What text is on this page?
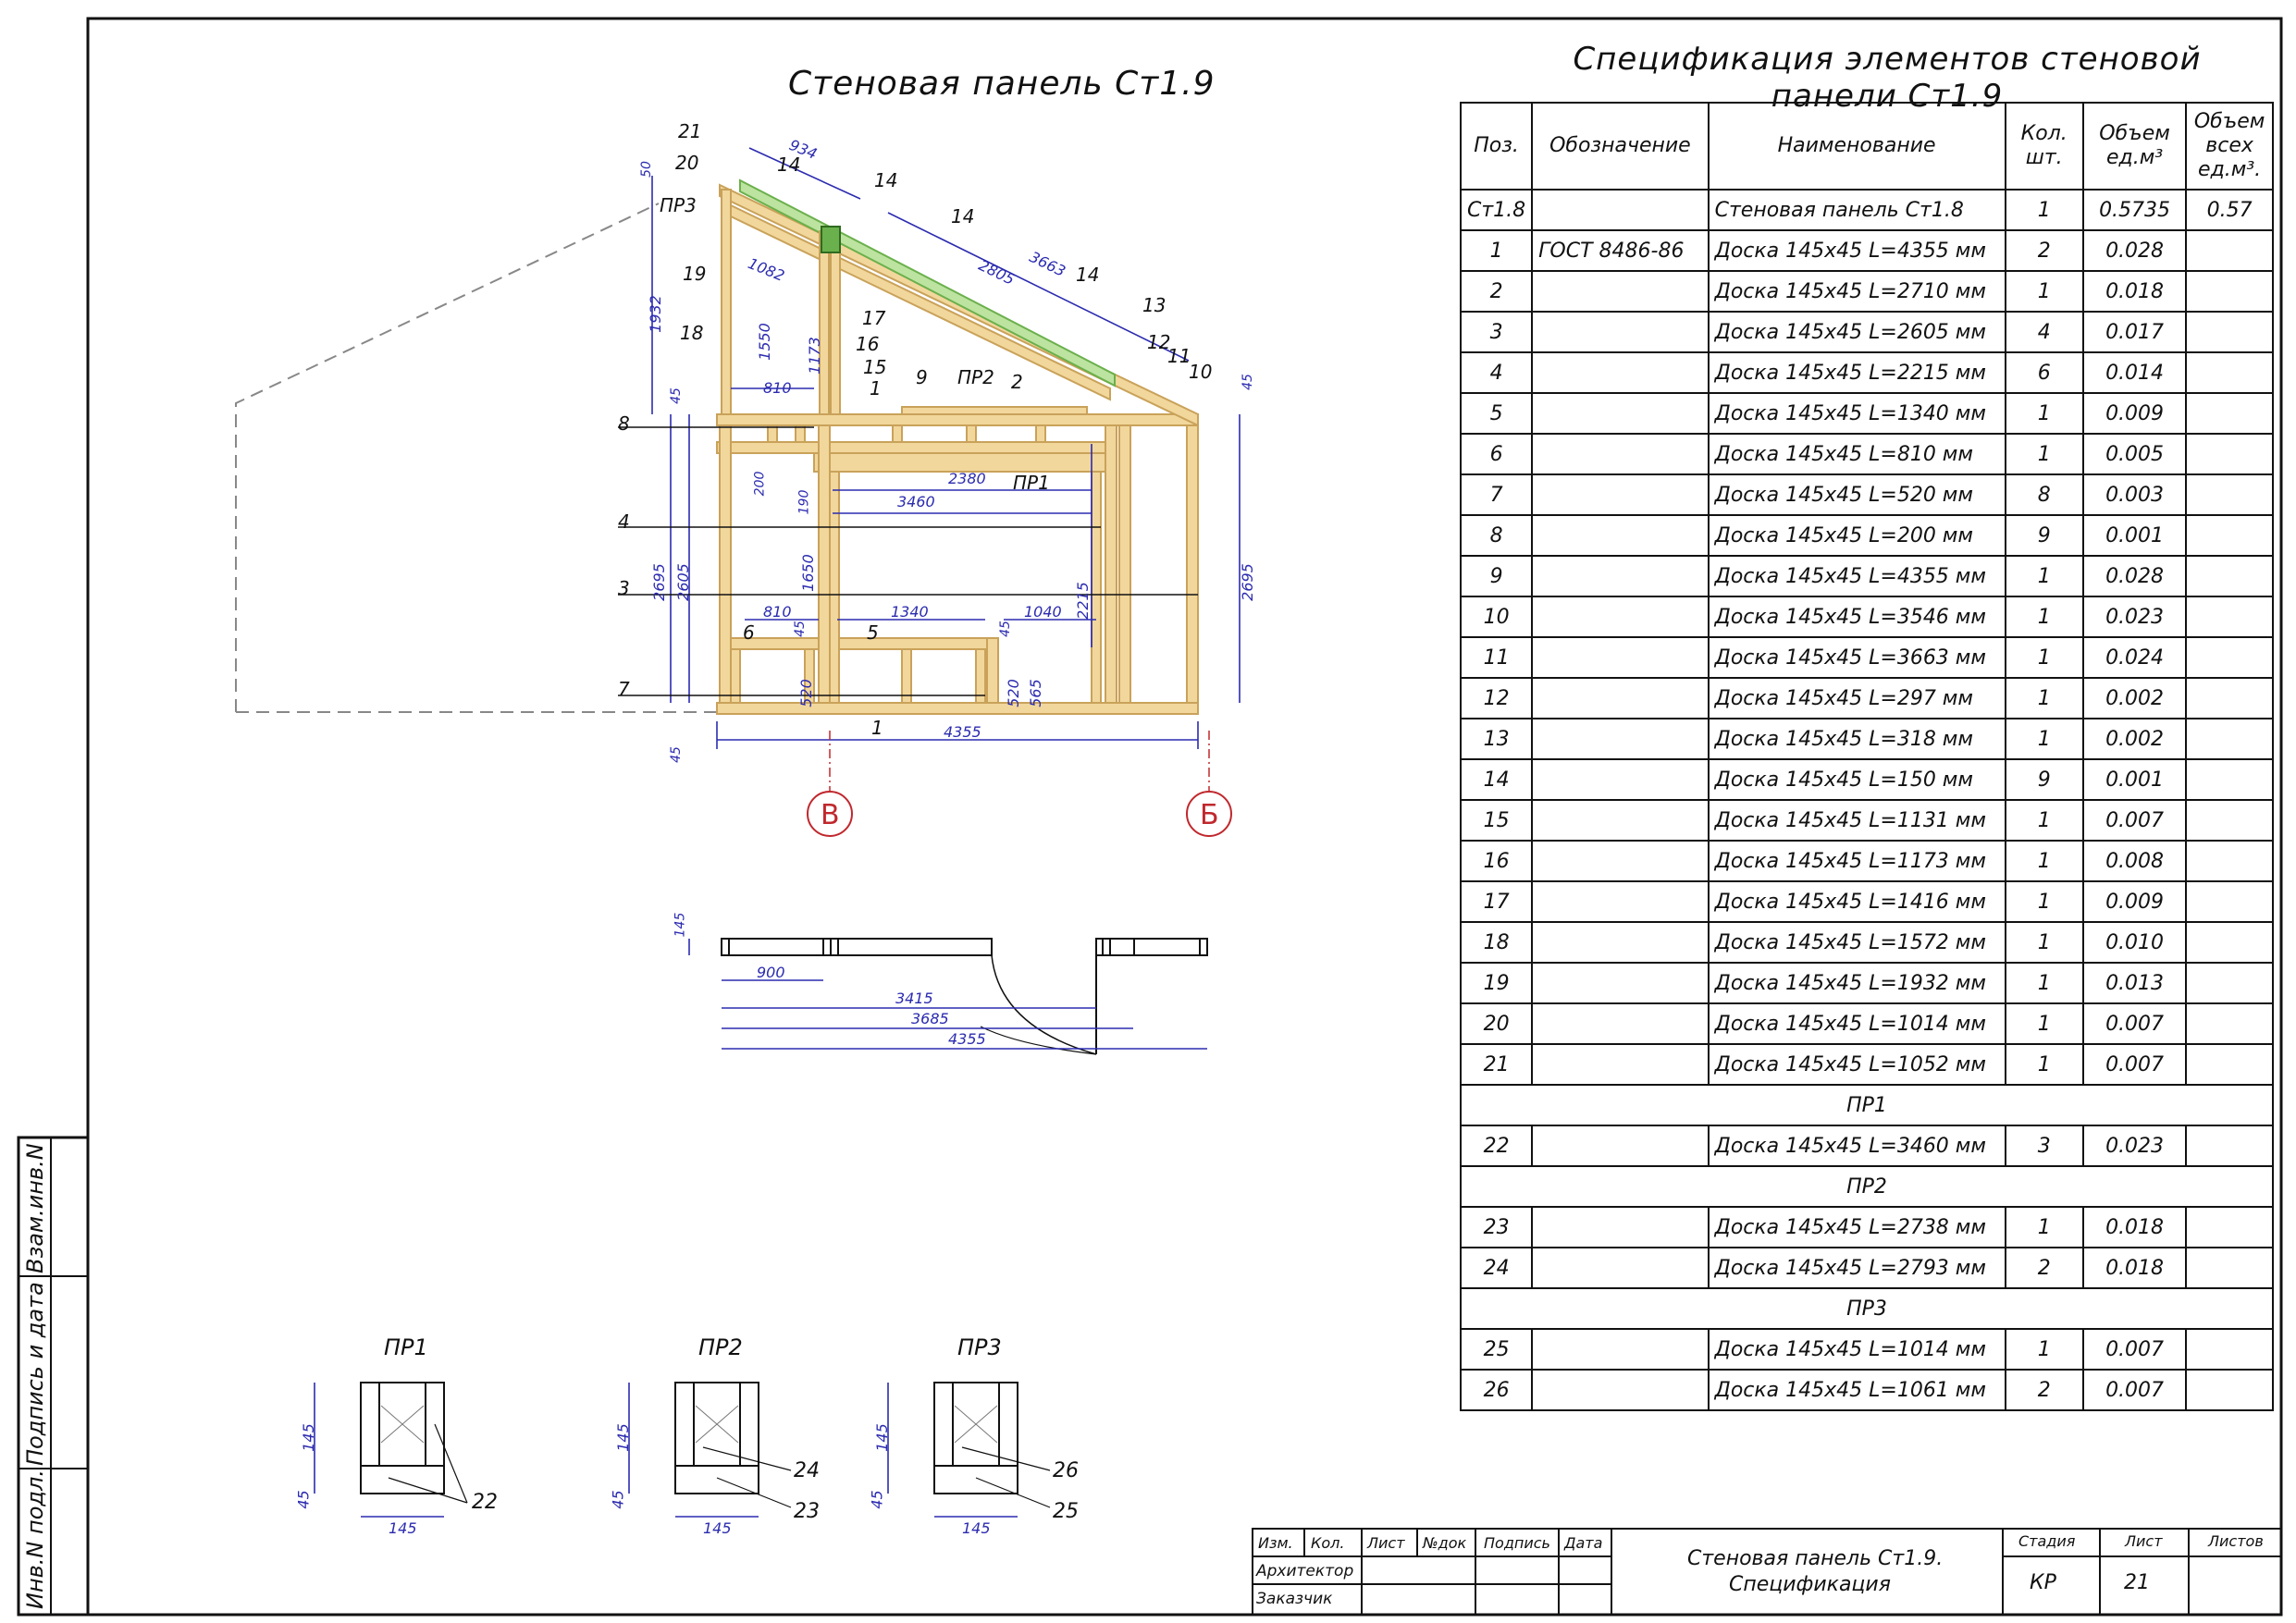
Стеновая панель Ст1.9
934
3663
2805
1082
1550 1173
810
1932
50
45
2380
3460
200
190
1650
2215
2695 2605	2695
810
45
1340	1040
45
520	520 565
45
4355
45
21
20
ПР3
19
18
14
14
14
14
17
16
15 9 ПР2 2
1
13
12
11
10
8
ПР1
4
3
6	5
7
1
В	Б
145
900
3415
3685
4355
ПР1
145
45
145
22
ПР2
145
45
145
24
23
ПР3
145
45
145
26
25
Спецификация элементов стеновой панели Ст1.9
Поз.	Обозначение	Наименование	Кол. шт.	Объем ед.м³	Объем всех ед.м³.
Ст1.8		Стеновая панель Ст1.8	1	0.5735	0.57
1	ГОСТ 8486-86	Доска 145х45 L=4355 мм	2	0.028	
2		Доска 145х45 L=2710 мм	1	0.018	
3		Доска 145х45 L=2605 мм	4	0.017	
4		Доска 145х45 L=2215 мм	6	0.014	
5		Доска 145х45 L=1340 мм	1	0.009	
6		Доска 145х45 L=810 мм	1	0.005	
7		Доска 145х45 L=520 мм	8	0.003	
8		Доска 145х45 L=200 мм	9	0.001	
9		Доска 145х45 L=4355 мм	1	0.028	
10		Доска 145х45 L=3546 мм	1	0.023	
11		Доска 145х45 L=3663 мм	1	0.024	
12		Доска 145х45 L=297 мм	1	0.002	
13		Доска 145х45 L=318 мм	1	0.002	
14		Доска 145х45 L=150 мм	9	0.001	
15		Доска 145х45 L=1131 мм	1	0.007	
16		Доска 145х45 L=1173 мм	1	0.008	
17		Доска 145х45 L=1416 мм	1	0.009	
18		Доска 145х45 L=1572 мм	1	0.010	
19		Доска 145х45 L=1932 мм	1	0.013	
20		Доска 145х45 L=1014 мм	1	0.007	
21		Доска 145х45 L=1052 мм	1	0.007	
ПР1					
22		Доска 145х45 L=3460 мм	3	0.023	
ПР2					
23		Доска 145х45 L=2738 мм	1	0.018	
24		Доска 145х45 L=2793 мм	2	0.018	
ПР3					
25		Доска 145х45 L=1014 мм	1	0.007	
26		Доска 145х45 L=1061 мм	2	0.007	
Изм. Кол. Лист №док Подпись Дата
Архитектор
Заказчик
Стеновая панель Ст1.9.
Спецификация
Стадия	Лист	Листов
КР	21
Взам.инв.N
Подпись и дата
Инв.N подл.
